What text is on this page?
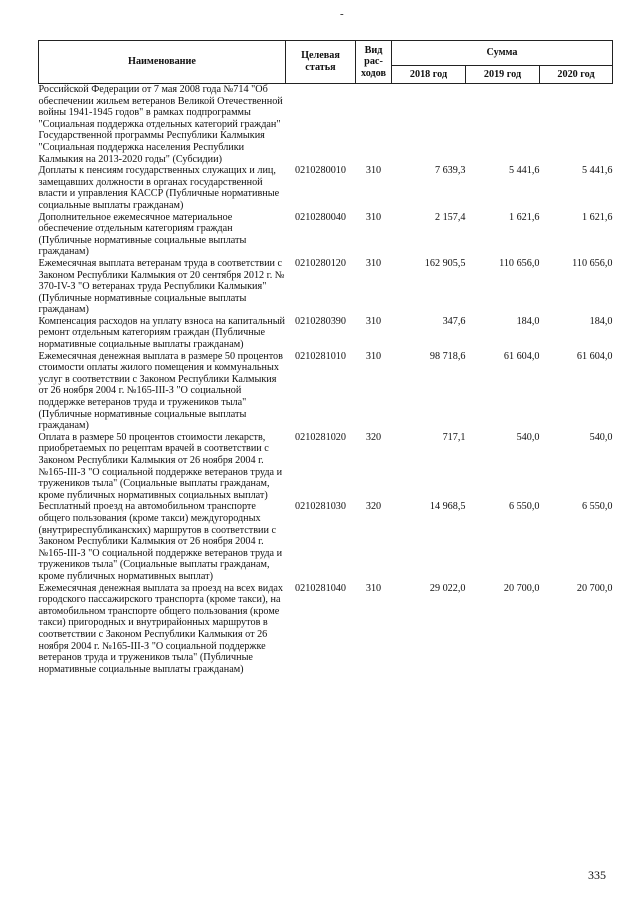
-
Наименование	Целевая статья	Вид рас-ходов	Сумма		
			2018 год	2019 год	2020 год
Российской Федерации от 7 мая 2008 года №714 "Об обеспечении жильем ветеранов Великой Отечественной войны 1941-1945 годов" в рамках подпрограммы "Социальная поддержка отдельных категорий граждан" Государственной программы Республики Калмыкия "Социальная поддержка населения Республики Калмыкия на 2013-2020 годы" (Субсидии)					
Доплаты к пенсиям государственных служащих и лиц, замещавших должности в органах государственной власти и управления КАССР (Публичные нормативные социальные выплаты гражданам)	0210280010	310	7 639,3	5 441,6	5 441,6
Дополнительное ежемесячное материальное обеспечение отдельным категориям граждан (Публичные нормативные социальные выплаты гражданам)	0210280040	310	2 157,4	1 621,6	1 621,6
Ежемесячная выплата ветеранам труда в соответствии с Законом Республики Калмыкия от 20 сентября 2012 г. № 370-IV-З "О ветеранах труда Республики Калмыкия" (Публичные нормативные социальные выплаты гражданам)	0210280120	310	162 905,5	110 656,0	110 656,0
Компенсация расходов на уплату взноса на капитальный ремонт отдельным категориям граждан (Публичные нормативные социальные выплаты гражданам)	0210280390	310	347,6	184,0	184,0
Ежемесячная денежная выплата в размере 50 процентов стоимости оплаты жилого помещения и коммунальных услуг в соответствии с Законом Республики Калмыкия от 26 ноября 2004 г. №165-III-З "О социальной поддержке ветеранов труда и тружеников тыла" (Публичные нормативные социальные выплаты гражданам)	0210281010	310	98 718,6	61 604,0	61 604,0
Оплата в размере 50 процентов стоимости лекарств, приобретаемых по рецептам врачей в соответствии с Законом Республики Калмыкия от 26 ноября 2004 г. №165-III-З "О социальной поддержке ветеранов труда и тружеников тыла" (Социальные выплаты гражданам, кроме публичных нормативных социальных выплат)	0210281020	320	717,1	540,0	540,0
Бесплатный проезд на автомобильном транспорте общего пользования (кроме такси) междугородных (внутриреспубликанских) маршрутов в соответствии с Законом Республики Калмыкия от 26 ноября 2004 г. №165-III-З "О социальной поддержке ветеранов труда и тружеников тыла" (Социальные выплаты гражданам, кроме публичных нормативных выплат)	0210281030	320	14 968,5	6 550,0	6 550,0
Ежемесячная денежная выплата за проезд на всех видах городского пассажирского транспорта (кроме такси), на автомобильном транспорте общего пользования (кроме такси) пригородных и внутрирайонных маршрутов в соответствии с Законом Республики Калмыкия от 26 ноября 2004 г. №165-III-З "О социальной поддержке ветеранов труда и тружеников тыла" (Публичные нормативные социальные выплаты гражданам)	0210281040	310	29 022,0	20 700,0	20 700,0
335
